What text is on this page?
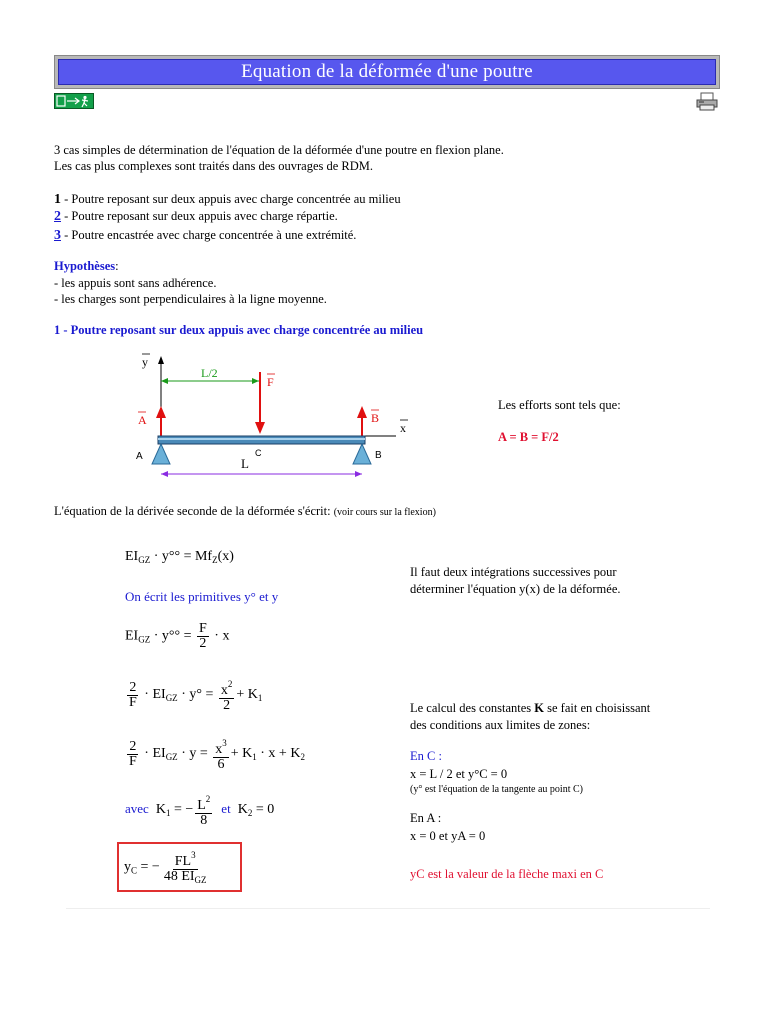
Equation de la déformée d'une poutre
3 cas simples de détermination de l'équation de la déformée d'une poutre en flexion plane.
Les cas plus complexes sont traités dans des ouvrages de RDM.
1 - Poutre reposant sur deux appuis avec charge concentrée au milieu
2 - Poutre reposant sur deux appuis avec charge répartie.
3 - Poutre encastrée avec charge concentrée à une extrémité.
Hypothèses:
- les appuis sont sans adhérence.
- les charges sont perpendiculaires à la ligne moyenne.
1 - Poutre reposant sur deux appuis avec charge concentrée au milieu
y
x
L/2
F
A	B
A	B
C
L
Les efforts sont tels que:
A = B = F/2
L'équation de la dérivée seconde de la déformée s'écrit: (voir cours sur la flexion)
$EI_{GZ} \cdot y^\circ^\circ = Mf_Z(x)$
On écrit les primitives y° et y
$EI_{GZ} \cdot y^\circ^\circ = \frac{F}{2} \cdot x$
$\frac{2}{F} \cdot EI_{GZ} \cdot y^\circ = \frac{x^2}{2} + K_1$
$\frac{2}{F} \cdot EI_{GZ} \cdot y = \frac{x^3}{6} + K_1 \cdot x + K_2$
avec $K_1$ = − $\frac{L^2}{8}$ et $K_2 = 0$
$y_C$ = − $\frac{FL^3}{48 EI_{GZ}}$
Il faut deux intégrations successives pour
déterminer l'équation y(x) de la déformée.
Le calcul des constantes K se fait en choisissant
des conditions aux limites de zones:
En C :
x = L / 2 et y°C = 0
(y° est l'équation de la tangente au point C)
En A :
x = 0 et yA = 0
yC est la valeur de la flèche maxi en C
